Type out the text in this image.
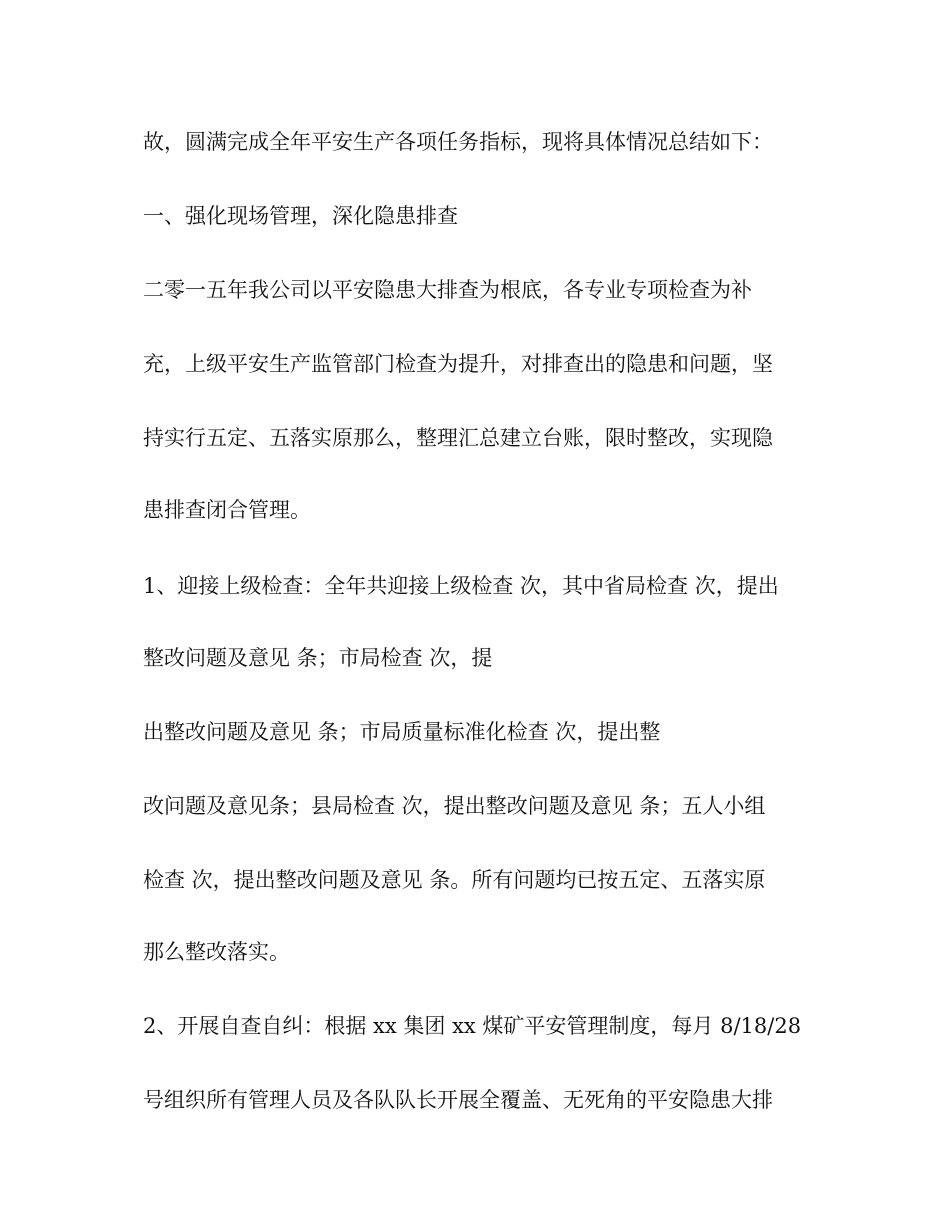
故，圆满完成全年平安生产各项任务指标，现将具体情况总结如下：
一、强化现场管理，深化隐患排查
二零一五年我公司以平安隐患大排查为根底，各专业专项检查为补
充，上级平安生产监管部门检查为提升，对排查出的隐患和问题，坚
持实行五定、五落实原那么，整理汇总建立台账，限时整改，实现隐
患排查闭合管理。
1、迎接上级检查：全年共迎接上级检查 次，其中省局检查 次，提出
整改问题及意见 条；市局检查 次，提
出整改问题及意见 条；市局质量标准化检查 次，提出整
改问题及意见条；县局检查 次，提出整改问题及意见 条；五人小组
检查 次，提出整改问题及意见 条。所有问题均已按五定、五落实原
那么整改落实。
2、开展自查自纠：根据 xx 集团 xx 煤矿平安管理制度，每月 8/18/28
号组织所有管理人员及各队队长开展全覆盖、无死角的平安隐患大排
